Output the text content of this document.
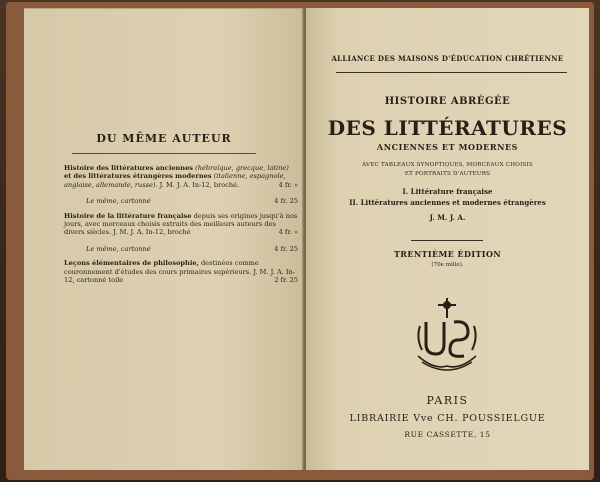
DU MÊME AUTEUR

Histoire des littératures anciennes (hébraïque, grecque, latine) et des littératures étrangères modernes (italienne, espagnole, anglaise, allemande, russe). J. M. J. A. In-12, broché.	4 fr. »

Le même, cartonné	4 fr. 25

Histoire de la littérature française depuis ses origines jusqu'à nos jours, avec morceaux choisis extraits des meilleurs auteurs des divers siècles. J. M. J. A. In-12, broché	4 fr. »

Le même, cartonné	4 fr. 25

Leçons élémentaires de philosophie, destinées comme couronnement d'études des cours primaires supérieurs. J. M. J. A. In-12, cartonné toile	2 fr. 25

ALLIANCE DES MAISONS D'ÉDUCATION CHRÉTIENNE
HISTOIRE ABRÉGÉE
DES LITTÉRATURES
ANCIENNES ET MODERNES
AVEC TABLEAUX SYNOPTIQUES, MORCEAUX CHOISIS
ET PORTRAITS D'AUTEURS
I. Littérature française
II. Littératures anciennes et modernes étrangères
J. M. J. A.
TRENTIÈME ÉDITION
(70e mille).
PARIS
LIBRAIRIE Vve CH. POUSSIELGUE
RUE CASSETTE, 15
